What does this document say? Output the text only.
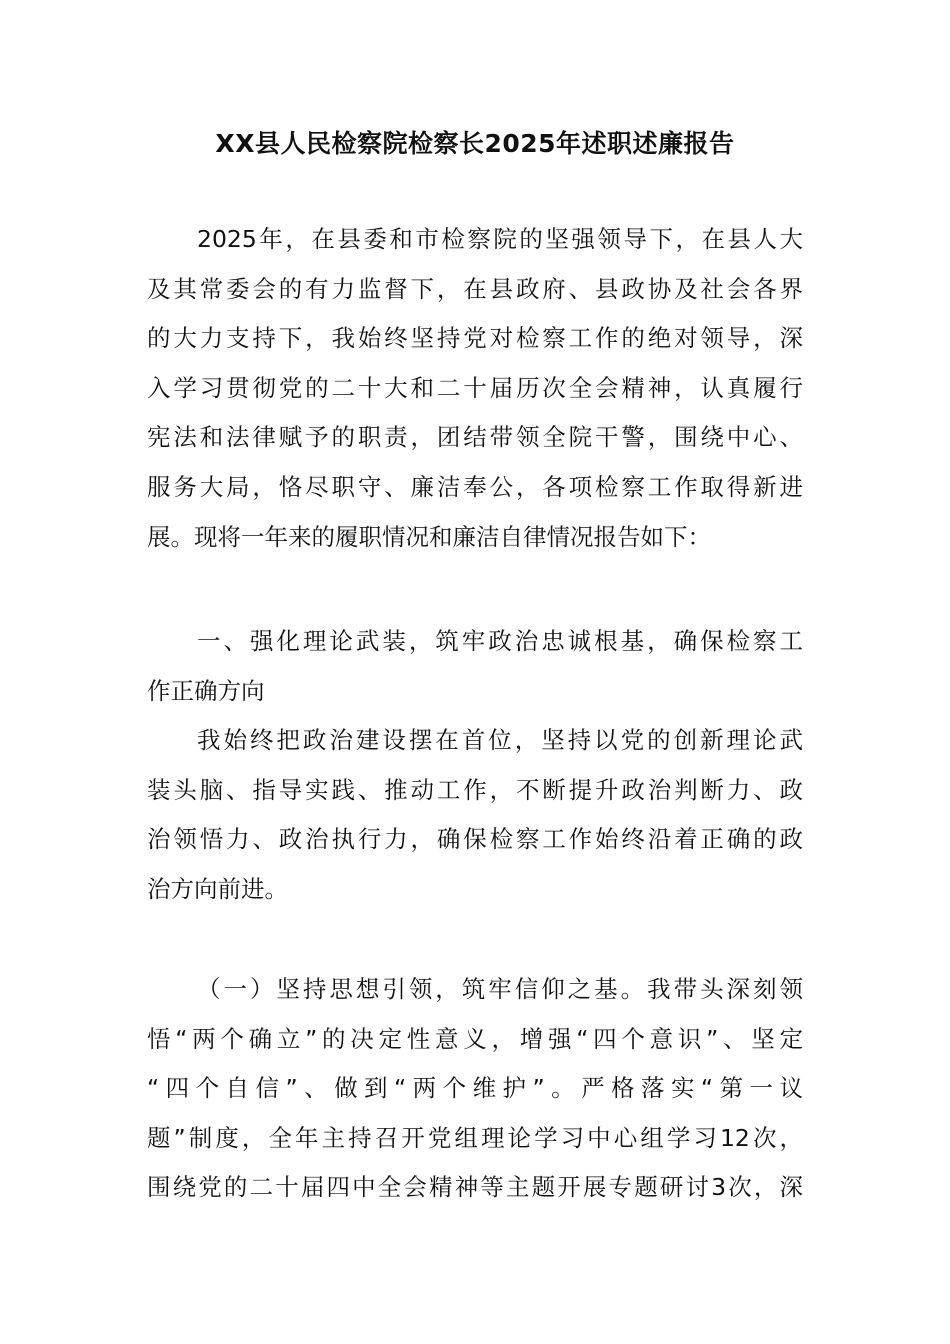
XX县人民检察院检察长2025年述职述廉报告
2025年，在县委和市检察院的坚强领导下，在县人大
及其常委会的有力监督下，在县政府、县政协及社会各界
的大力支持下，我始终坚持党对检察工作的绝对领导，深
入学习贯彻党的二十大和二十届历次全会精神，认真履行
宪法和法律赋予的职责，团结带领全院干警，围绕中心、
服务大局，恪尽职守、廉洁奉公，各项检察工作取得新进
展。现将一年来的履职情况和廉洁自律情况报告如下：
一、强化理论武装，筑牢政治忠诚根基，确保检察工
作正确方向
我始终把政治建设摆在首位，坚持以党的创新理论武
装头脑、指导实践、推动工作，不断提升政治判断力、政
治领悟力、政治执行力，确保检察工作始终沿着正确的政
治方向前进。
（一）坚持思想引领，筑牢信仰之基。我带头深刻领
悟“两个确立”的决定性意义，增强“四个意识”、坚定
“四个自信”、做到“两个维护”。严格落实“第一议
题”制度，全年主持召开党组理论学习中心组学习12次，
围绕党的二十届四中全会精神等主题开展专题研讨3次，深
